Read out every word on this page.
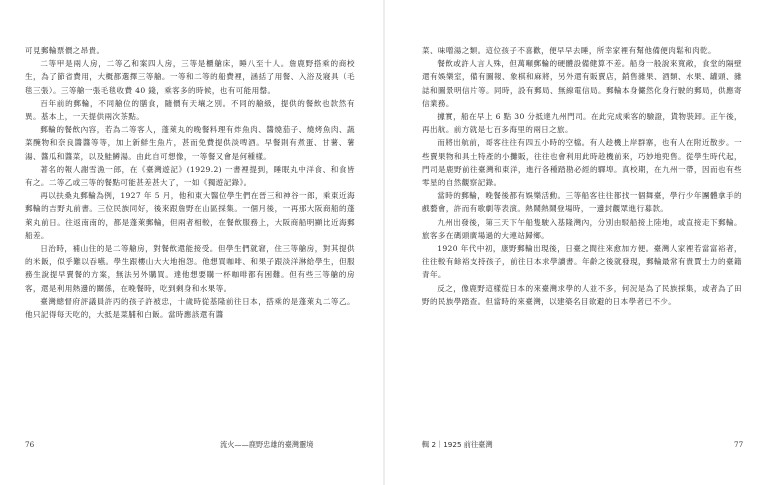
可見郵輪票價之昂貴。

二等甲是兩人房，二等乙和案四人房，三等是櫃艙床，睡八至十人。詹鹿野搭乘的商校生，為了節省費用，大概都選擇三等艙。一等和二等的船費裡，涵括了用餐、入浴及寢具（毛毯三張）。三等艙一張毛毯收費 40 錢，乘客多的時候，也有可能用罄。

百年前的郵輪，不同艙位的膳食，隨價有天壤之別。不同的艙級，提供的餐飲也款然有異。基本上，一天提供兩次茶點。

郵輪的餐飲內容，若為二等客人，蓬萊丸的晚餐料理有炸魚肉、醬燒茄子、燒烤魚肉、蔬菜醃物和奈良醬醬等等，加上新鮮生魚片，甚而免費提供淡啤酒。早餐則有煮蛋、甘薯、薯湯、醬瓜和醬菜，以及鮭鱒湯。由此自可想像，一等餐又會是何種樣。

著名的報人謝雪漁一郎，在《臺灣遊記》(1929.2) 一書裡提到，睡眠丸中洋食、和食皆有之。二等乙或三等的餐點可能甚差甚大了，一如《獨遊記錄》。

再以扶桑丸郵輪為例，1927 年 5 月，他和東大醫位學生們在晉三和神谷一郎，乘東近海郵輪的吉野丸前書。三位民族同好，後來跟詹野在山區採集。一個月後，一再那大阪商船的蓬萊丸前日。往返南南的，都是蓬萊郵輪，但兩者相較，在餐飲服務上，大阪商船明顯比近海郵船差。

日治時，補山住的是二等艙房，對餐飲還能接受。但學生們就窘，住三等艙房，對其提供的米飯，似乎難以吞嚥。學生跟樓山大大地抱怨。他想買咖啡、和果子跟淡洋淋給學生，但服務生說提早賣餐的方案，無法另外購買。達他想要購一杯咖啡都有困難。但有些三等艙的房客，還是利用熱邊的關係，在晚餐時，吃到剩身和水果等。

臺灣總督府評議員許丙的孩子許被忠，十歲時從基隆前往日本，搭乘的是蓬萊丸二等乙。他只記得每天吃的，大抵是菜脯和白飯。當時應該還有醬

76	流火——鹿野忠雄的臺灣靈境

菜、味噌湯之類。這位孩子不喜歡，便早早去睡，所幸家裡有幫他備便肉鬆和肉乾。

餐飲或許人言人殊，但萬噸郵輪的硬體設備健算不差。船身一般說來寬敞，食堂的隔壁還有娛樂室，備有圖報、象棋和麻將，另外還有販賣店，銷售雜果、酒類、水果、罐頭、雜誌和圖景明信片等。同時，設有郵局、無線電信局。郵輪本身儼然化身行駛的郵局，供應寄信業務。

據實，船在早上 6 點 30 分抵達九州門司。在此完成乘客的驗證，貨物裝卸。正午後，再出航。前方就是七百多海里的兩日之旅。

而將出航前，哥客往往有四五小時的空檔。有人趁機上岸群寨，也有人在附近散步。一些賣果物和具土特產的小攤販，往往也會利用此時趁機前來，巧妙地兜售。從學生時代起，門司是鹿野前往臺灣和東洋，進行各種踏勘必經的驛埠。真校期，在九州一帶，因而也有些零星的自然觀察記錄。

當時的郵輪，晚餐後都有娛樂活動。三等船客往往都找一個舞臺，學行少年團體拿手的戲藝會，許而有歌劇等表演。熱鬧熱鬧登場時，一邊封觀眾進行募款。

九州出發後，第三天下午船隻駛入基隆灣內，分別由駁船接上陸地，或直接走下郵輪。旅客多在碼頭廣場過的大連站歸鄉。

1920 年代中初，康野郵輪出現後，日臺之間往來愈加方便。臺灣人家裡若當富裕者，往往較有餘裕支持孩子，前往日本求學讀書。年齡之後就發現，郵輪最常有貴賈士力的臺籍青年。

反之，像鹿野這樣從日本的來臺灣求學的人並不多，何況是為了民族採集，或者為了田野的民族學踏查。但當時的來臺灣，以建築名目欲避的日本學者已不少。

輯 2｜1925 前往臺灣	77
